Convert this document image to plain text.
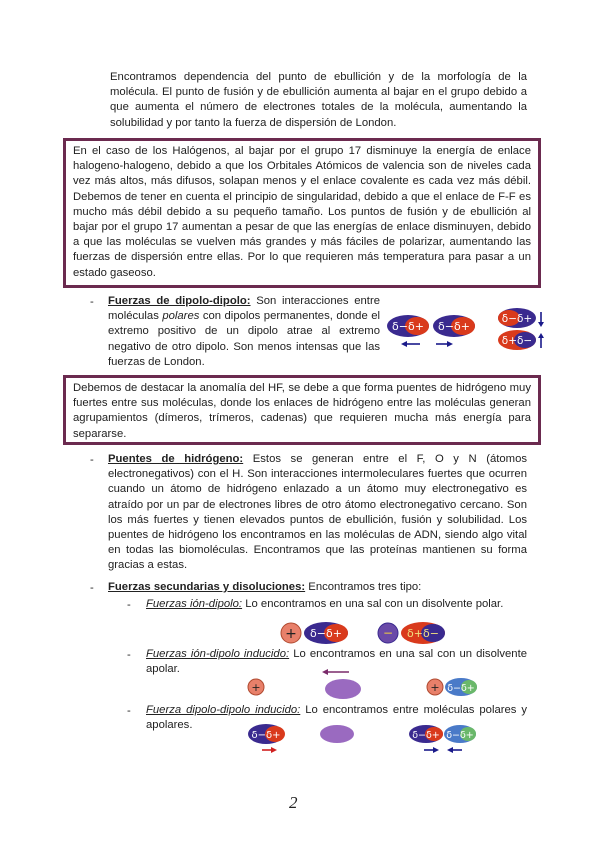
Encontramos dependencia del punto de ebullición y de la morfología de la molécula. El punto de fusión y de ebullición aumenta al bajar en el grupo debido a que aumenta el número de electrones totales de la molécula, aumentando la solubilidad y por tanto la fuerza de dispersión de London.

En el caso de los Halógenos, al bajar por el grupo 17 disminuye la energía de enlace halogeno-halogeno, debido a que los Orbitales Atómicos de valencia son de niveles cada vez más altos, más difusos, solapan menos y el enlace covalente es cada vez más débil. Debemos de tener en cuenta el principio de singularidad, debido a que el enlace de F-F es mucho más débil debido a su pequeño tamaño. Los puntos de fusión y de ebullición al bajar por el grupo 17 aumentan a pesar de que las energías de enlace disminuyen, debido a que las moléculas se vuelven más grandes y más fáciles de polarizar, aumentando las fuerzas de dispersión entre ellas. Por lo que requieren más temperatura para pasar a un estado gaseoso.

- Fuerzas de dipolo-dipolo: Son interacciones entre moléculas polares con dipolos permanentes, donde el extremo positivo de un dipolo atrae al extremo negativo de otro dipolo. Son menos intensas que las fuerzas de London.
δ−δ+ δ−δ+
δ−δ+
δ+δ−

Debemos de destacar la anomalía del HF, se debe a que forma puentes de hidrógeno muy fuertes entre sus moléculas, donde los enlaces de hidrógeno entre las moléculas generan agrupamientos (dímeros, trímeros, cadenas) que requieren mucha más energía para separarse.

- Puentes de hidrógeno: Estos se generan entre el F, O y N (átomos electronegativos) con el H. Son interacciones intermoleculares fuertes que ocurren cuando un átomo de hidrógeno enlazado a un átomo muy electronegativo es atraído por un par de electrones libres de otro átomo electronegativo cercano. Son los más fuertes y tienen elevados puntos de ebullición, fusión y solubilidad. Los puentes de hidrógeno los encontramos en las moléculas de ADN, siendo algo vital en todas las biomoléculas. Encontramos que las proteínas mantienen su forma gracias a estas.
- Fuerzas secundarias y disoluciones: Encontramos tres tipo:
- Fuerzas ión-dipolo: Lo encontramos en una sal con un disolvente polar.
+ δ−δ+	− δ+δ−
- Fuerzas ión-dipolo inducido: Lo encontramos en una sal con un disolvente apolar.
+	+ δ−δ+
- Fuerza dipolo-dipolo inducido: Lo encontramos entre moléculas polares y apolares.
δ−δ+	δ−δ+ δ−δ+
2
